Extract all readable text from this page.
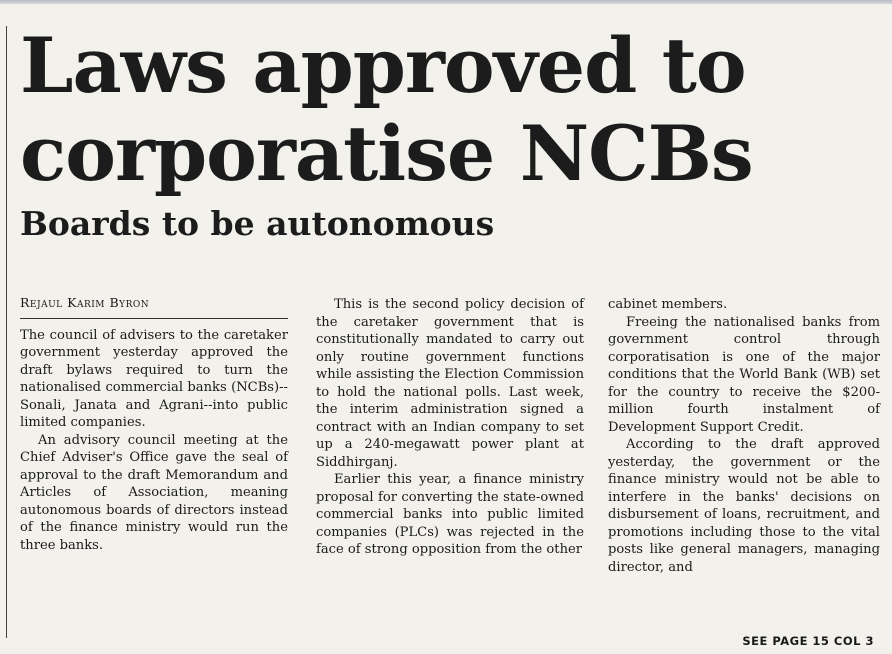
Laws approved to
corporatise NCBs
Boards to be autonomous
Rejaul Karim Byron

The council of advisers to the caretaker government yesterday approved the draft bylaws required to turn the nationalised commercial banks (NCBs)--Sonali, Janata and Agrani--into public limited companies.

An advisory council meeting at the Chief Adviser's Office gave the seal of approval to the draft Memorandum and Articles of Association, meaning autonomous boards of directors instead of the finance ministry would run the three banks.

This is the second policy decision of the caretaker government that is constitutionally mandated to carry out only routine government functions while assisting the Election Commission to hold the national polls. Last week, the interim administration signed a contract with an Indian company to set up a 240-megawatt power plant at Siddhirganj.

Earlier this year, a finance ministry proposal for converting the state-owned commercial banks into public limited companies (PLCs) was rejected in the face of strong opposition from the other

cabinet members.

Freeing the nationalised banks from government control through corporatisation is one of the major conditions that the World Bank (WB) set for the country to receive the $200-million fourth instalment of Development Support Credit.

According to the draft approved yesterday, the government or the finance ministry would not be able to interfere in the banks' decisions on disbursement of loans, recruitment, and promotions including those to the vital posts like general managers, managing director, and

SEE PAGE 15 COL 3
